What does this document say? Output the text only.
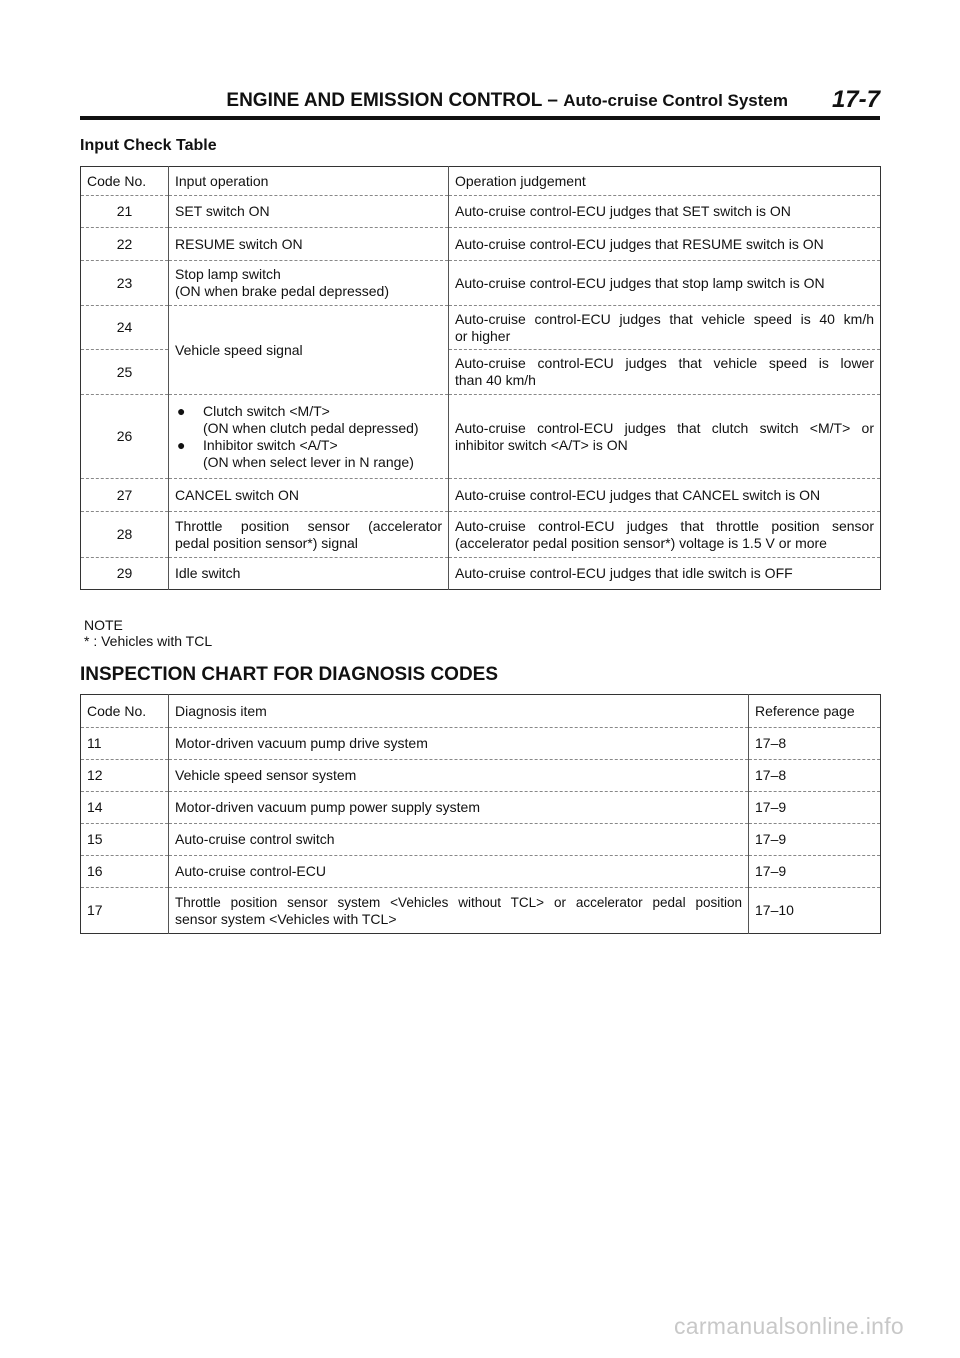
ENGINE AND EMISSION CONTROL – Auto-cruise Control System 17-7
Input Check Table
Code No.	Input operation	Operation judgement
21	SET switch ON	Auto-cruise control-ECU judges that SET switch is ON
22	RESUME switch ON	Auto-cruise control-ECU judges that RESUME switch is ON
23	Stop lamp switch
(ON when brake pedal depressed)	Auto-cruise control-ECU judges that stop lamp switch is ON
24	Vehicle speed signal	Auto-cruise control-ECU judges that vehicle speed is 40 km/h
or higher

25		Auto-cruise control-ECU judges that vehicle speed is lower
than 40 km/h

26	● Clutch switch <M/T>
(ON when clutch pedal depressed)
● Inhibitor switch <A/T>
(ON when select lever in N range)	Auto-cruise control-ECU judges that clutch switch <M/T> or
inhibitor switch <A/T> is ON

27	CANCEL switch ON	Auto-cruise control-ECU judges that CANCEL switch is ON
28	Throttle position sensor (accelerator
pedal position sensor*) signal	Auto-cruise control-ECU judges that throttle position sensor
(accelerator pedal position sensor*) voltage is 1.5 V or more

29	Idle switch	Auto-cruise control-ECU judges that idle switch is OFF
NOTE
* : Vehicles with TCL
INSPECTION CHART FOR DIAGNOSIS CODES
Code No.	Diagnosis item	Reference page
11	Motor-driven vacuum pump drive system	17–8
12	Vehicle speed sensor system	17–8
14	Motor-driven vacuum pump power supply system	17–9
15	Auto-cruise control switch	17–9
16	Auto-cruise control-ECU	17–9
17	Throttle position sensor system <Vehicles without TCL> or accelerator pedal position
sensor system <Vehicles with TCL>	17–10
carmanualsonline.info
